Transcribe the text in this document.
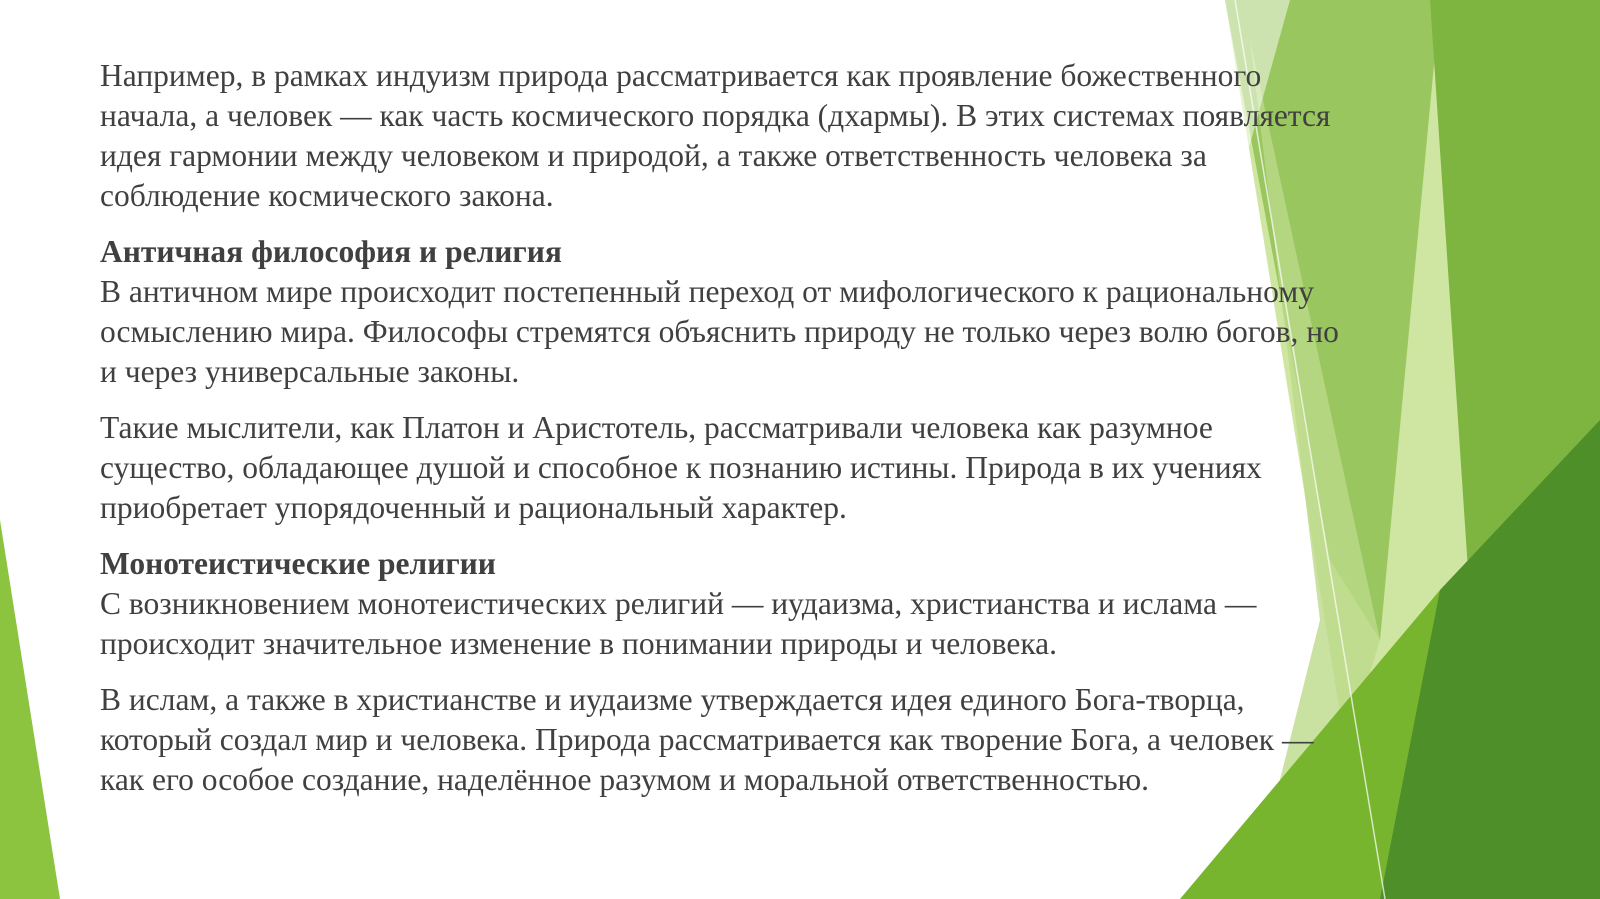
Например, в рамках индуизм природа рассматривается как проявление божественного
начала, а человек — как часть космического порядка (дхармы). В этих системах появляется
идея гармонии между человеком и природой, а также ответственность человека за
соблюдение космического закона.

Античная философия и религия
В античном мире происходит постепенный переход от мифологического к рациональному
осмыслению мира. Философы стремятся объяснить природу не только через волю богов, но
и через универсальные законы.

Такие мыслители, как Платон и Аристотель, рассматривали человека как разумное
существо, обладающее душой и способное к познанию истины. Природа в их учениях
приобретает упорядоченный и рациональный характер.

Монотеистические религии
С возникновением монотеистических религий — иудаизма, христианства и ислама —
происходит значительное изменение в понимании природы и человека.

В ислам, а также в христианстве и иудаизме утверждается идея единого Бога-творца,
который создал мир и человека. Природа рассматривается как творение Бога, а человек —
как его особое создание, наделённое разумом и моральной ответственностью.
